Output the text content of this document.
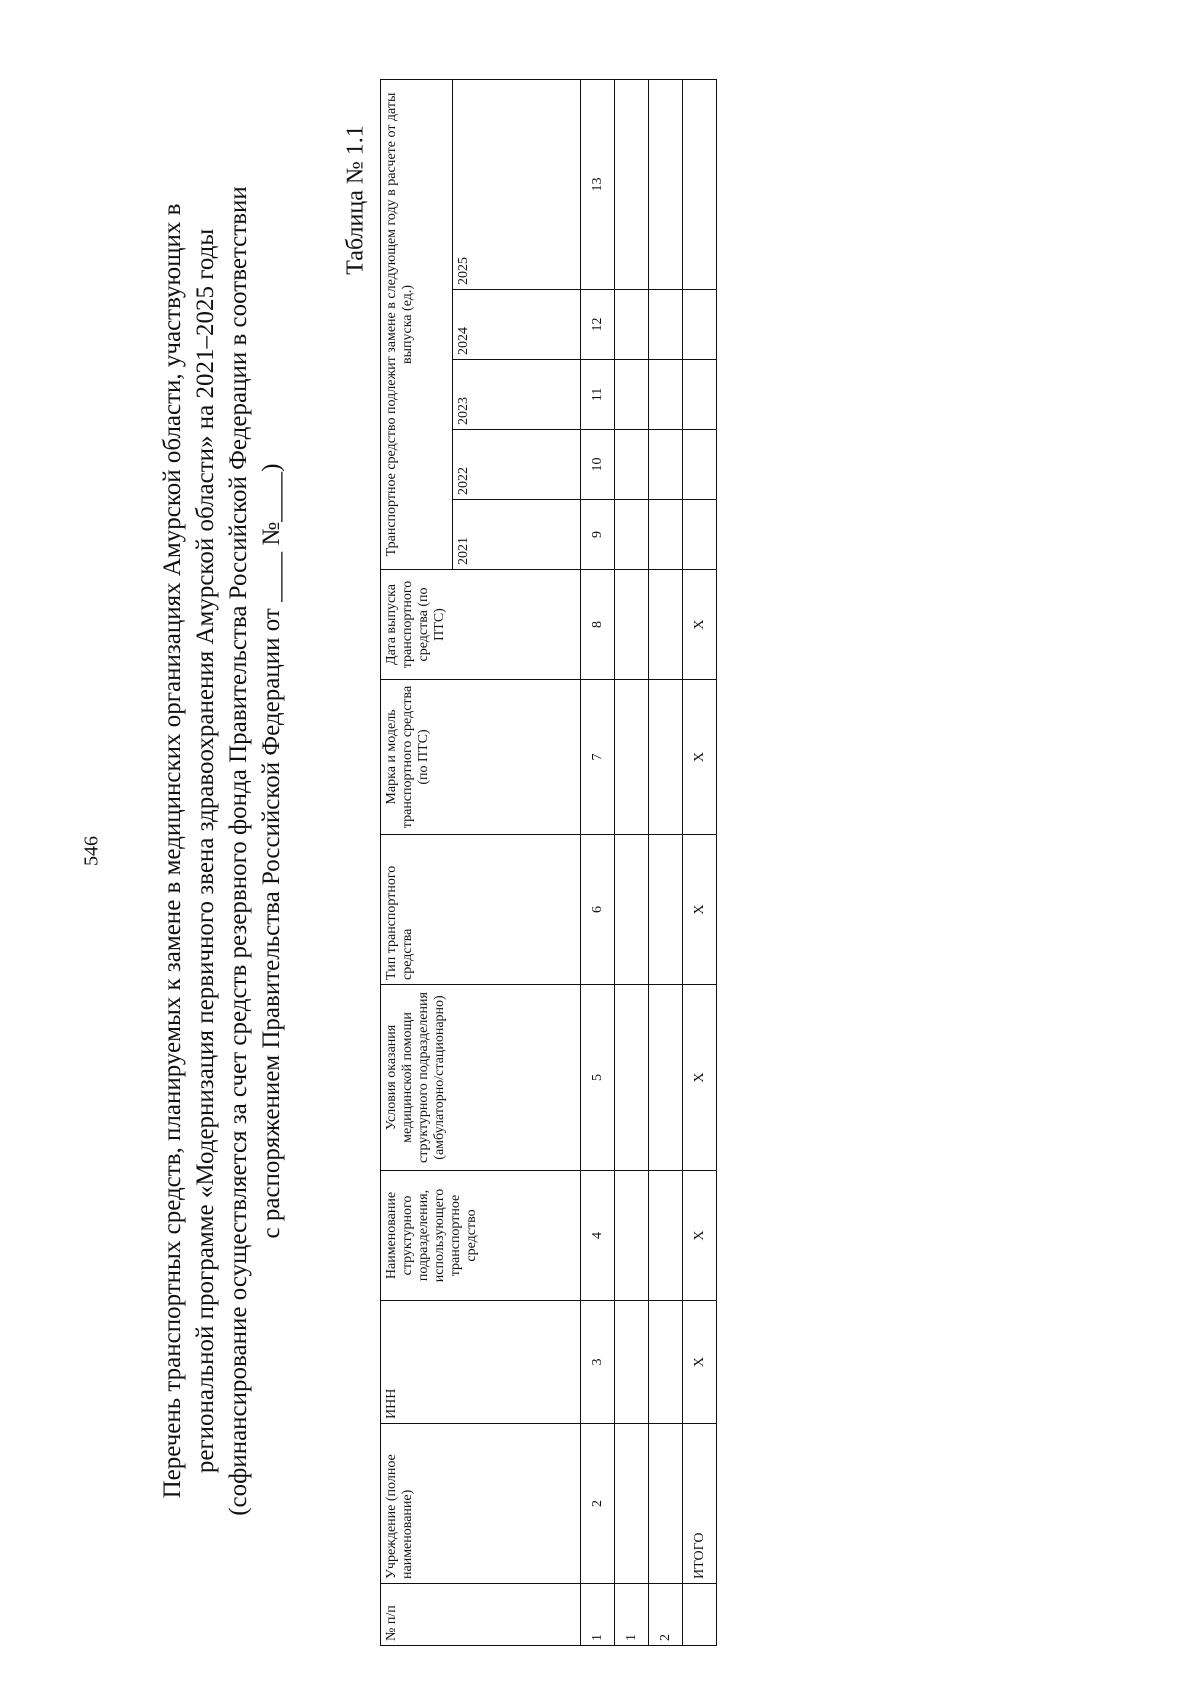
546 Перечень транспортных средств, планируемых к замене в медицинских организациях Амурской области, участвующих в региональной программе «Модернизация первичного звена здравоохранения Амурской области» на 2021–2025 годы (софинансирование осуществляется за счет средств резервного фонда Правительства Российской Федерации в соответствии с распоряжением Правительства Российской Федерации от ____ №____)
Таблица № 1.1
№ п/п	Учреждение (полное наименование)	ИНН	Наименование структурного подразделения, использующего транспортное средство	Условия оказания медицинской помощи структурного подразделения (амбулаторно/стационарно)	Тип транспортного средства	Марка и модель транспортного средства (по ПТС)	Дата выпуска транспортного средства (по ПТС)	Транспортное средство подлежит замене в следующем году в расчете от даты выпуска (ед.)				
								2021	2022	2023	2024	2025
1	2	3	4	5	6	7	8	9	10	11	12	13
1												
2												
	ИТОГО	Х	Х	Х	Х	Х	Х					
